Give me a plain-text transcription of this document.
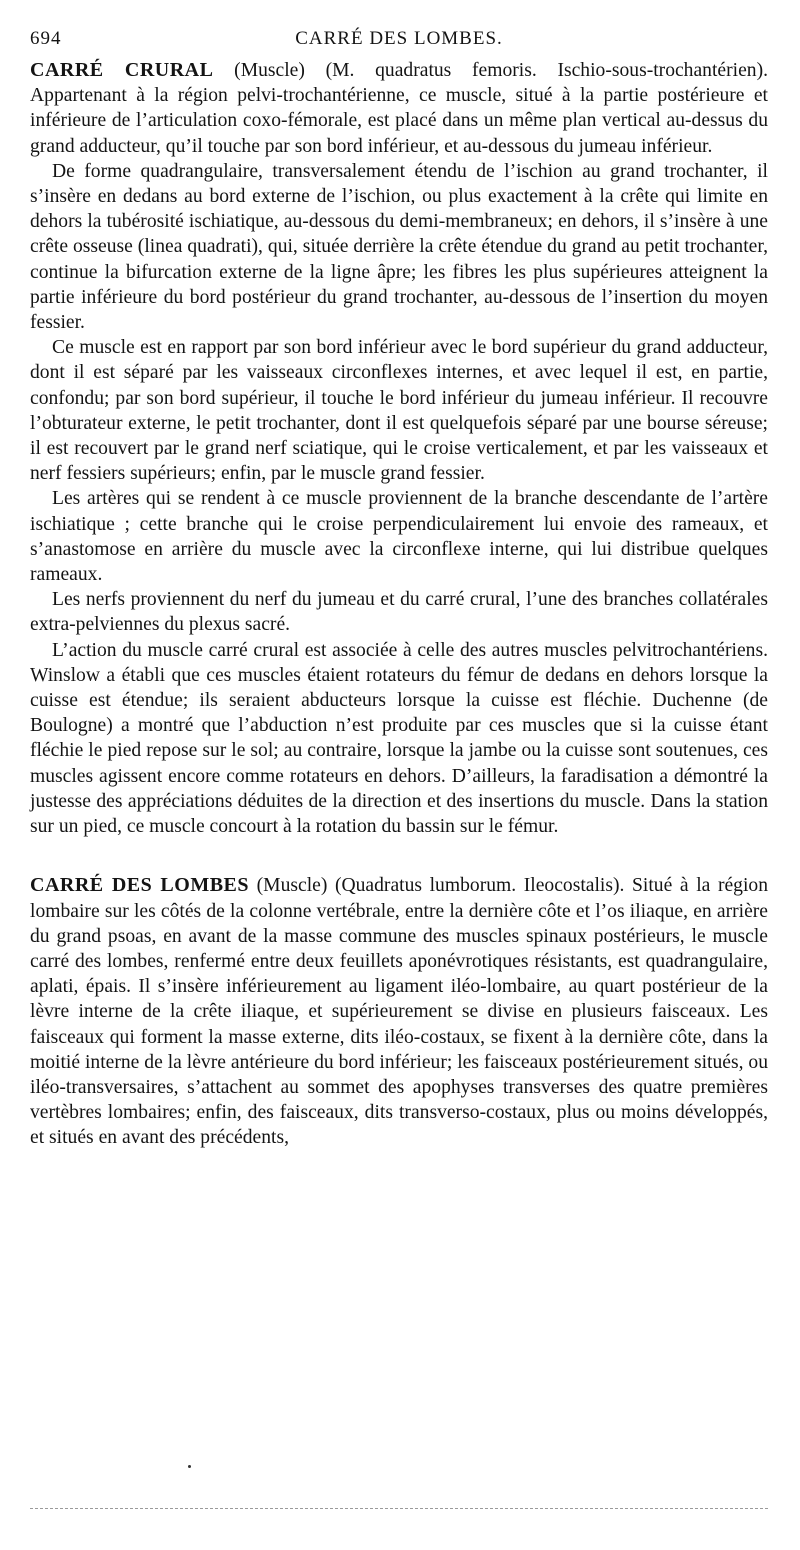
694	CARRÉ DES LOMBES.

CARRÉ CRURAL (Muscle) (M. quadratus femoris. Ischio-sous-trochantérien). Appartenant à la région pelvi-trochantérienne, ce muscle, situé à la partie postérieure et inférieure de l’articulation coxo-fémorale, est placé dans un même plan vertical au-dessus du grand adducteur, qu’il touche par son bord inférieur, et au-dessous du jumeau inférieur.

De forme quadrangulaire, transversalement étendu de l’ischion au grand trochanter, il s’insère en dedans au bord externe de l’ischion, ou plus exactement à la crête qui limite en dehors la tubérosité ischiatique, au-dessous du demi-membraneux; en dehors, il s’insère à une crête osseuse (linea quadrati), qui, située derrière la crête étendue du grand au petit trochanter, continue la bifurcation externe de la ligne âpre; les fibres les plus supérieures atteignent la partie inférieure du bord postérieur du grand trochanter, au-dessous de l’insertion du moyen fessier.

Ce muscle est en rapport par son bord inférieur avec le bord supérieur du grand adducteur, dont il est séparé par les vaisseaux circonflexes internes, et avec lequel il est, en partie, confondu; par son bord supérieur, il touche le bord inférieur du jumeau inférieur. Il recouvre l’obturateur externe, le petit trochanter, dont il est quelquefois séparé par une bourse séreuse; il est recouvert par le grand nerf sciatique, qui le croise verticalement, et par les vaisseaux et nerf fessiers supérieurs; enfin, par le muscle grand fessier.

Les artères qui se rendent à ce muscle proviennent de la branche descendante de l’artère ischiatique ; cette branche qui le croise perpendiculairement lui envoie des rameaux, et s’anastomose en arrière du muscle avec la circonflexe interne, qui lui distribue quelques rameaux.

Les nerfs proviennent du nerf du jumeau et du carré crural, l’une des branches collatérales extra-pelviennes du plexus sacré.

L’action du muscle carré crural est associée à celle des autres muscles pelvitrochantériens. Winslow a établi que ces muscles étaient rotateurs du fémur de dedans en dehors lorsque la cuisse est étendue; ils seraient abducteurs lorsque la cuisse est fléchie. Duchenne (de Boulogne) a montré que l’abduction n’est produite par ces muscles que si la cuisse étant fléchie le pied repose sur le sol; au contraire, lorsque la jambe ou la cuisse sont soutenues, ces muscles agissent encore comme rotateurs en dehors. D’ailleurs, la faradisation a démontré la justesse des appréciations déduites de la direction et des insertions du muscle. Dans la station sur un pied, ce muscle concourt à la rotation du bassin sur le fémur.

CARRÉ DES LOMBES (Muscle) (Quadratus lumborum. Ileocostalis). Situé à la région lombaire sur les côtés de la colonne vertébrale, entre la dernière côte et l’os iliaque, en arrière du grand psoas, en avant de la masse commune des muscles spinaux postérieurs, le muscle carré des lombes, renfermé entre deux feuillets aponévrotiques résistants, est quadrangulaire, aplati, épais. Il s’insère inférieurement au ligament iléo-lombaire, au quart postérieur de la lèvre interne de la crête iliaque, et supérieurement se divise en plusieurs faisceaux. Les faisceaux qui forment la masse externe, dits iléo-costaux, se fixent à la dernière côte, dans la moitié interne de la lèvre antérieure du bord inférieur; les faisceaux postérieurement situés, ou iléo-transversaires, s’attachent au sommet des apophyses transverses des quatre premières vertèbres lombaires; enfin, des faisceaux, dits transverso-costaux, plus ou moins développés, et situés en avant des précédents,
